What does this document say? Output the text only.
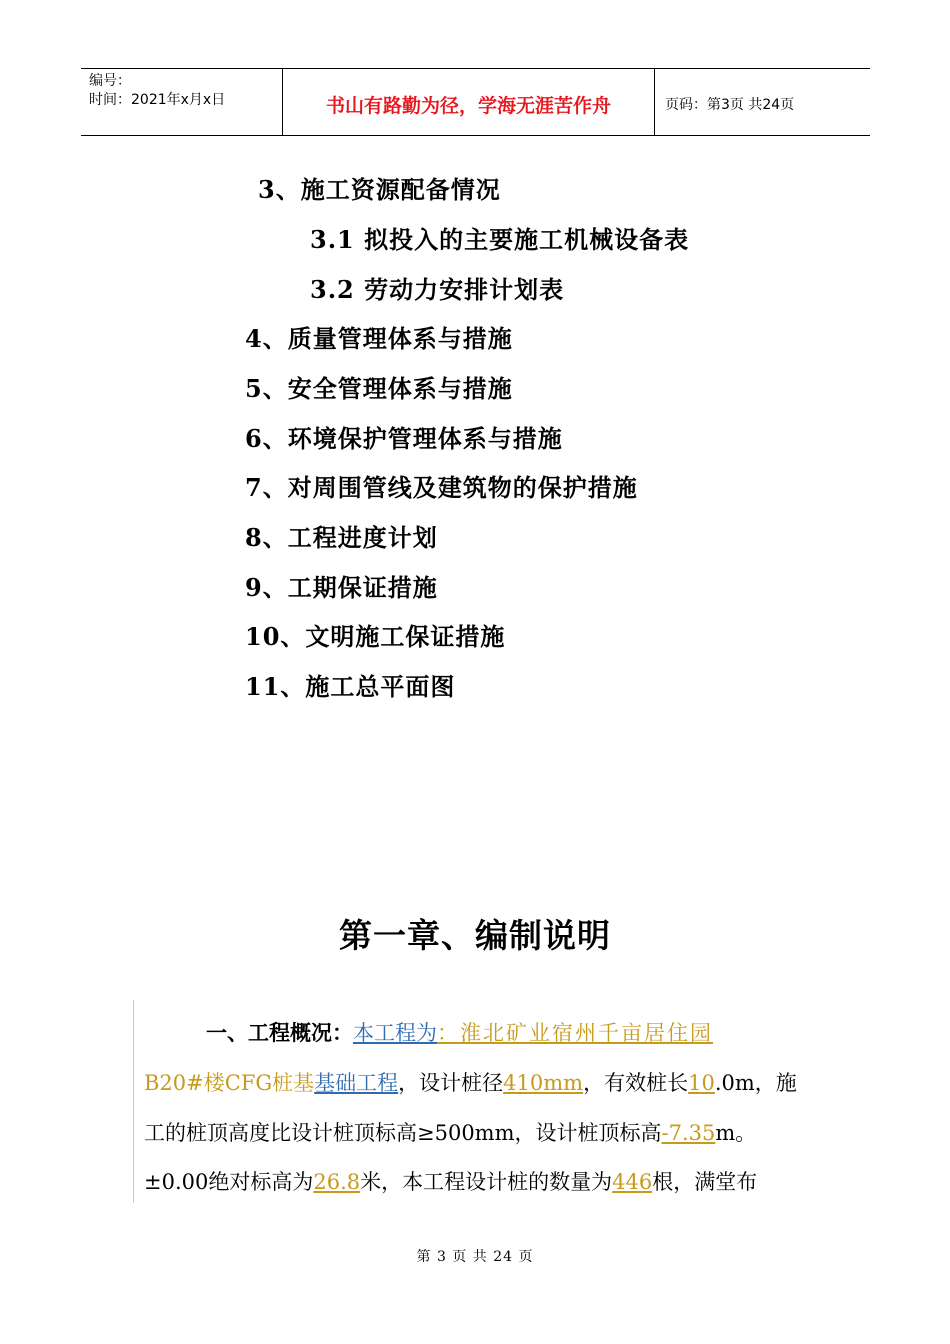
编号：
时间：2021年x月x日	书山有路勤为径，学海无涯苦作舟	页码：第3页 共24页
3、施工资源配备情况
3.1 拟投入的主要施工机械设备表
3.2 劳动力安排计划表
4、质量管理体系与措施
5、安全管理体系与措施
6、环境保护管理体系与措施
7、对周围管线及建筑物的保护措施
8、工程进度计划
9、工期保证措施
10、文明施工保证措施
11、施工总平面图
第一章、编制说明
一、工程概况：本工程为：淮北矿业宿州千亩居住园
B20#楼CFG桩基基础工程，设计桩径410mm，有效桩长10.0m，施
工的桩顶高度比设计桩顶标高≥500mm，设计桩顶标高-7.35m。
±0.00绝对标高为26.8米，本工程设计桩的数量为446根，满堂布
第 3 页 共 24 页
